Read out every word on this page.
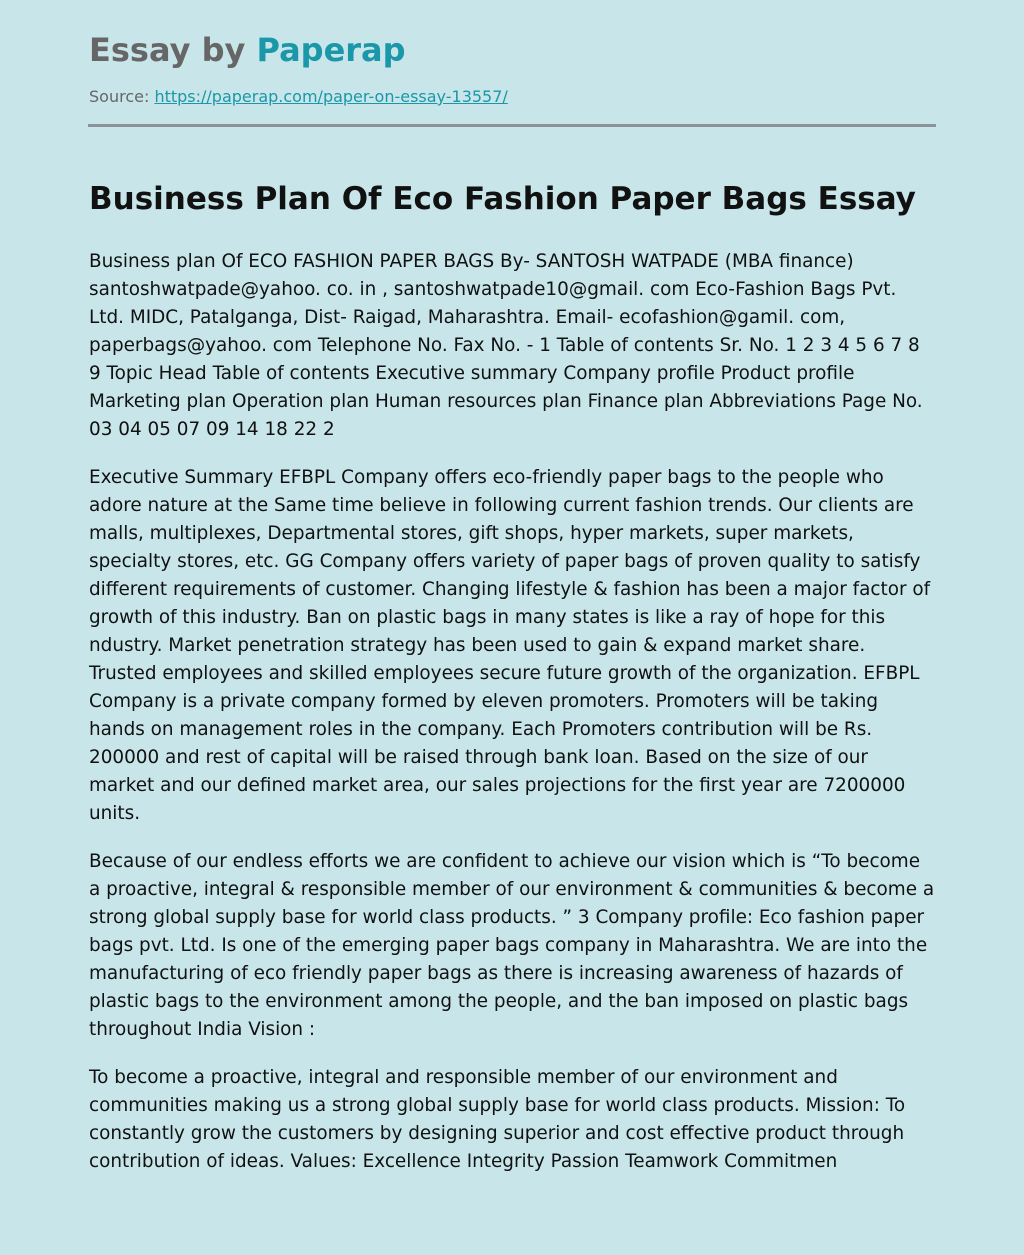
Essay by Paperap
Source: https://paperap.com/paper-on-essay-13557/
Business Plan Of Eco Fashion Paper Bags Essay

Business plan Of ECO FASHION PAPER BAGS By- SANTOSH WATPADE (MBA finance) santoshwatpade@yahoo. co. in , santoshwatpade10@gmail. com Eco-Fashion Bags Pvt. Ltd. MIDC, Patalganga, Dist- Raigad, Maharashtra. Email- ecofashion@gamil. com, paperbags@yahoo. com Telephone No. Fax No. - 1 Table of contents Sr. No. 1 2 3 4 5 6 7 8 9 Topic Head Table of contents Executive summary Company profile Product profile Marketing plan Operation plan Human resources plan Finance plan Abbreviations Page No. 03 04 05 07 09 14 18 22 2

Executive Summary EFBPL Company offers eco-friendly paper bags to the people who adore nature at the Same time believe in following current fashion trends. Our clients are malls, multiplexes, Departmental stores, gift shops, hyper markets, super markets, specialty stores, etc. GG Company offers variety of paper bags of proven quality to satisfy different requirements of customer. Changing lifestyle & fashion has been a major factor of growth of this industry. Ban on plastic bags in many states is like a ray of hope for this ndustry. Market penetration strategy has been used to gain & expand market share. Trusted employees and skilled employees secure future growth of the organization. EFBPL Company is a private company formed by eleven promoters. Promoters will be taking hands on management roles in the company. Each Promoters contribution will be Rs. 200000 and rest of capital will be raised through bank loan. Based on the size of our market and our defined market area, our sales projections for the first year are 7200000 units.

Because of our endless efforts we are confident to achieve our vision which is “To become a proactive, integral & responsible member of our environment & communities & become a strong global supply base for world class products. ” 3 Company profile: Eco fashion paper bags pvt. Ltd. Is one of the emerging paper bags company in Maharashtra. We are into the manufacturing of eco friendly paper bags as there is increasing awareness of hazards of plastic bags to the environment among the people, and the ban imposed on plastic bags throughout India Vision :

To become a proactive, integral and responsible member of our environment and communities making us a strong global supply base for world class products. Mission: To constantly grow the customers by designing superior and cost effective product through contribution of ideas. Values: Excellence Integrity Passion Teamwork Commitmen
